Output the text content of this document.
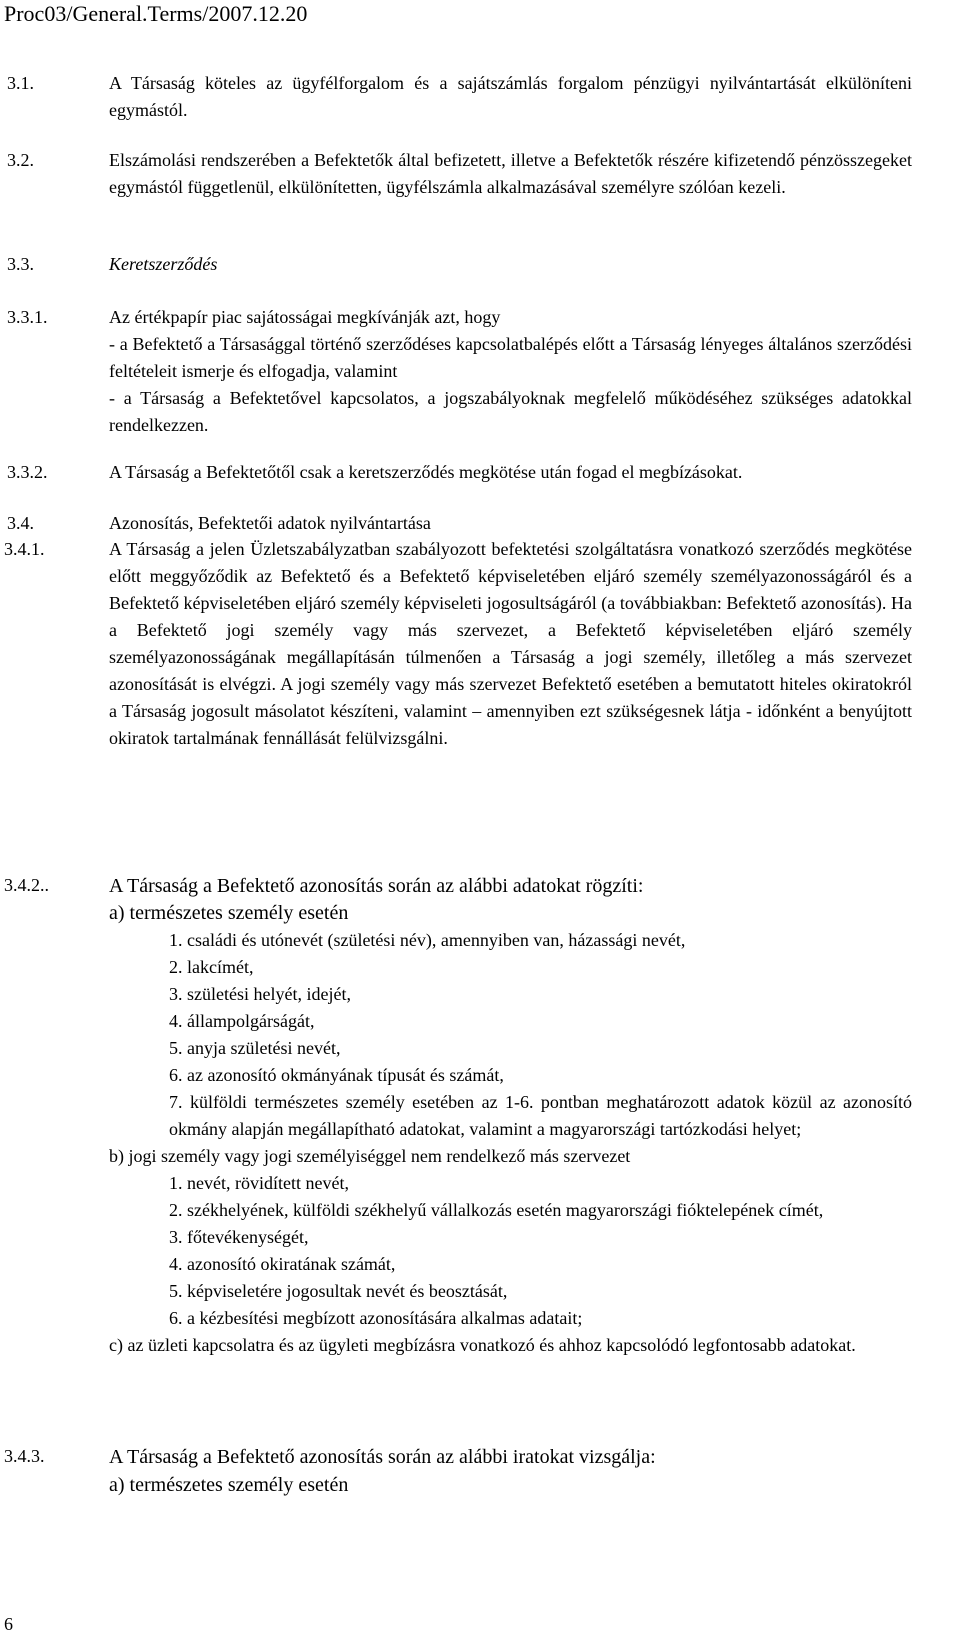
Proc03/General.Terms/2007.12.20
3.1.	A Társaság köteles az ügyfélforgalom és a sajátszámlás forgalom pénzügyi nyilvántartását elkülöníteni egymástól.
3.2.	Elszámolási rendszerében a Befektetők által befizetett, illetve a Befektetők részére kifizetendő pénzösszegeket egymástól függetlenül, elkülönítetten, ügyfélszámla alkalmazásával személyre szólóan kezeli.
3.3.	Keretszerződés
3.3.1.	Az értékpapír piac sajátosságai megkívánják azt, hogy

- a Befektető a Társasággal történő szerződéses kapcsolatbalépés előtt a Társaság lényeges általános szerződési feltételeit ismerje és elfogadja, valamint

- a Társaság a Befektetővel kapcsolatos, a jogszabályoknak megfelelő működéséhez szükséges adatokkal rendelkezzen.

3.3.2.	A Társaság a Befektetőtől csak a keretszerződés megkötése után fogad el megbízásokat.
3.4.	Azonosítás, Befektetői adatok nyilvántartása
3.4.1.	A Társaság a jelen Üzletszabályzatban szabályozott befektetési szolgáltatásra vonatkozó szerződés megkötése előtt meggyőződik az Befektető és a Befektető képviseletében eljáró személy személyazonosságáról és a Befektető képviseletében eljáró személy képviseleti jogosultságáról (a továbbiakban: Befektető azonosítás). Ha a Befektető jogi személy vagy más szervezet, a Befektető képviseletében eljáró személy személyazonosságának megállapításán túlmenően a Társaság a jogi személy, illetőleg a más szervezet azonosítását is elvégzi. A jogi személy vagy más szervezet Befektető esetében a bemutatott hiteles okiratokról a Társaság jogosult másolatot készíteni, valamint – amennyiben ezt szükségesnek látja - időnként a benyújtott okiratok tartalmának fennállását felülvizsgálni.
3.4.2..	A Társaság a Befektető azonosítás során az alábbi adatokat rögzíti:

a) természetes személy esetén

1. családi és utónevét (születési név), amennyiben van, házassági nevét,

2. lakcímét,

3. születési helyét, idejét,

4. állampolgárságát,

5. anyja születési nevét,

6. az azonosító okmányának típusát és számát,

7. külföldi természetes személy esetében az 1-6. pontban meghatározott adatok közül az azonosító okmány alapján megállapítható adatokat, valamint a magyarországi tartózkodási helyet;

b) jogi személy vagy jogi személyiséggel nem rendelkező más szervezet

1. nevét, rövidített nevét,

2. székhelyének, külföldi székhelyű vállalkozás esetén magyarországi fióktelepének címét,

3. főtevékenységét,

4. azonosító okiratának számát,

5. képviseletére jogosultak nevét és beosztását,

6. a kézbesítési megbízott azonosítására alkalmas adatait;

c) az üzleti kapcsolatra és az ügyleti megbízásra vonatkozó és ahhoz kapcsolódó legfontosabb adatokat.

3.4.3.	A Társaság a Befektető azonosítás során az alábbi iratokat vizsgálja:

a) természetes személy esetén

6
